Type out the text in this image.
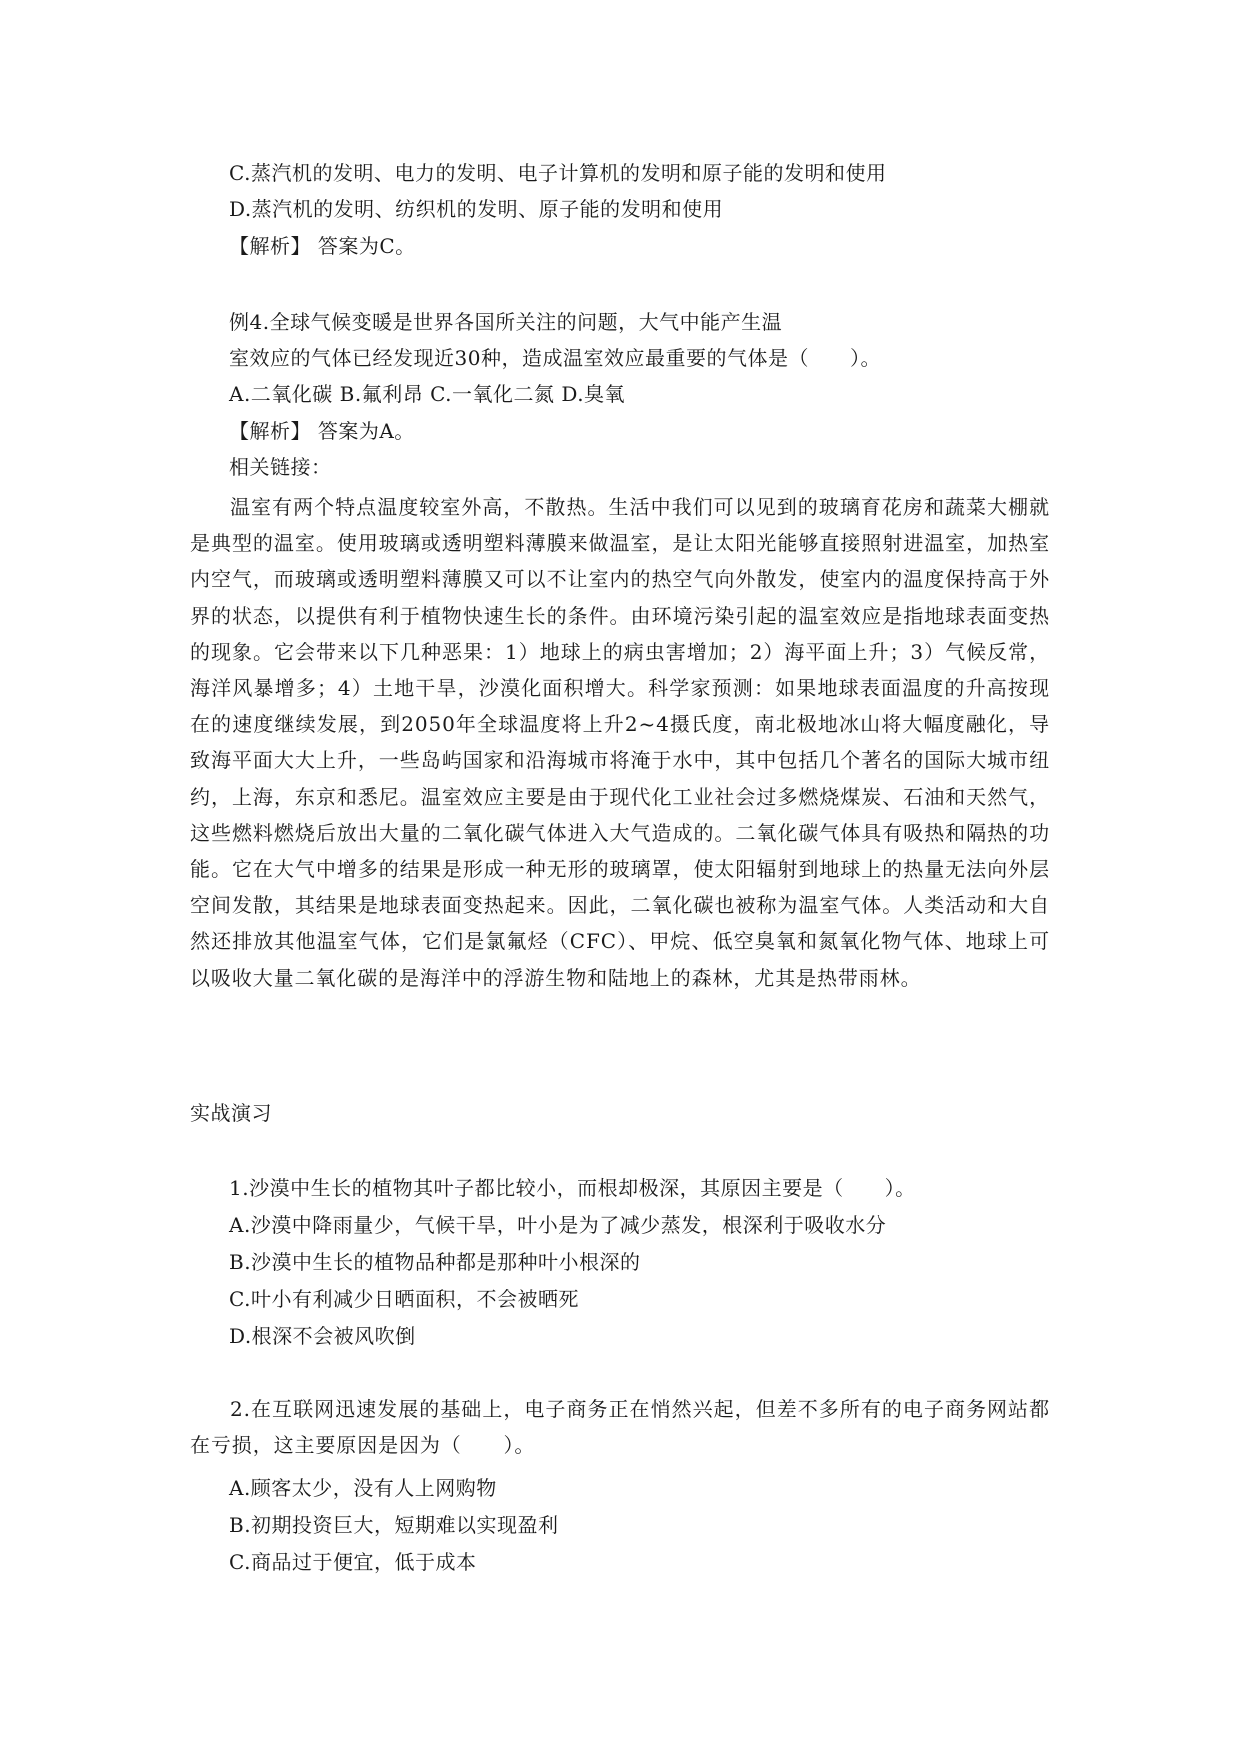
C.蒸汽机的发明、电力的发明、电子计算机的发明和原子能的发明和使用
D.蒸汽机的发明、纺织机的发明、原子能的发明和使用
【解析】 答案为C。
例4.全球气候变暖是世界各国所关注的问题，大气中能产生温
室效应的气体已经发现近30种，造成温室效应最重要的气体是（　　）。
A.二氧化碳 B.氟利昂 C.一氧化二氮 D.臭氧
【解析】 答案为A。
相关链接：
温室有两个特点温度较室外高，不散热。生活中我们可以见到的玻璃育花房和蔬菜大棚就是典型的温室。使用玻璃或透明塑料薄膜来做温室，是让太阳光能够直接照射进温室，加热室内空气，而玻璃或透明塑料薄膜又可以不让室内的热空气向外散发，使室内的温度保持高于外界的状态，以提供有利于植物快速生长的条件。由环境污染引起的温室效应是指地球表面变热的现象。它会带来以下几种恶果：1）地球上的病虫害增加；2）海平面上升；3）气候反常，海洋风暴增多；4）土地干旱，沙漠化面积增大。科学家预测：如果地球表面温度的升高按现在的速度继续发展，到2050年全球温度将上升2~4摄氏度，南北极地冰山将大幅度融化，导致海平面大大上升，一些岛屿国家和沿海城市将淹于水中，其中包括几个著名的国际大城市纽约，上海，东京和悉尼。温室效应主要是由于现代化工业社会过多燃烧煤炭、石油和天然气，这些燃料燃烧后放出大量的二氧化碳气体进入大气造成的。二氧化碳气体具有吸热和隔热的功能。它在大气中增多的结果是形成一种无形的玻璃罩，使太阳辐射到地球上的热量无法向外层空间发散，其结果是地球表面变热起来。因此，二氧化碳也被称为温室气体。人类活动和大自然还排放其他温室气体，它们是氯氟烃（CFC）、甲烷、低空臭氧和氮氧化物气体、地球上可以吸收大量二氧化碳的是海洋中的浮游生物和陆地上的森林，尤其是热带雨林。
实战演习
1.沙漠中生长的植物其叶子都比较小，而根却极深，其原因主要是（　　）。
A.沙漠中降雨量少，气候干旱，叶小是为了减少蒸发，根深利于吸收水分
B.沙漠中生长的植物品种都是那种叶小根深的
C.叶小有利减少日晒面积，不会被晒死
D.根深不会被风吹倒
2.在互联网迅速发展的基础上，电子商务正在悄然兴起，但差不多所有的电子商务网站都在亏损，这主要原因是因为（　　）。
A.顾客太少，没有人上网购物
B.初期投资巨大，短期难以实现盈利
C.商品过于便宜，低于成本
